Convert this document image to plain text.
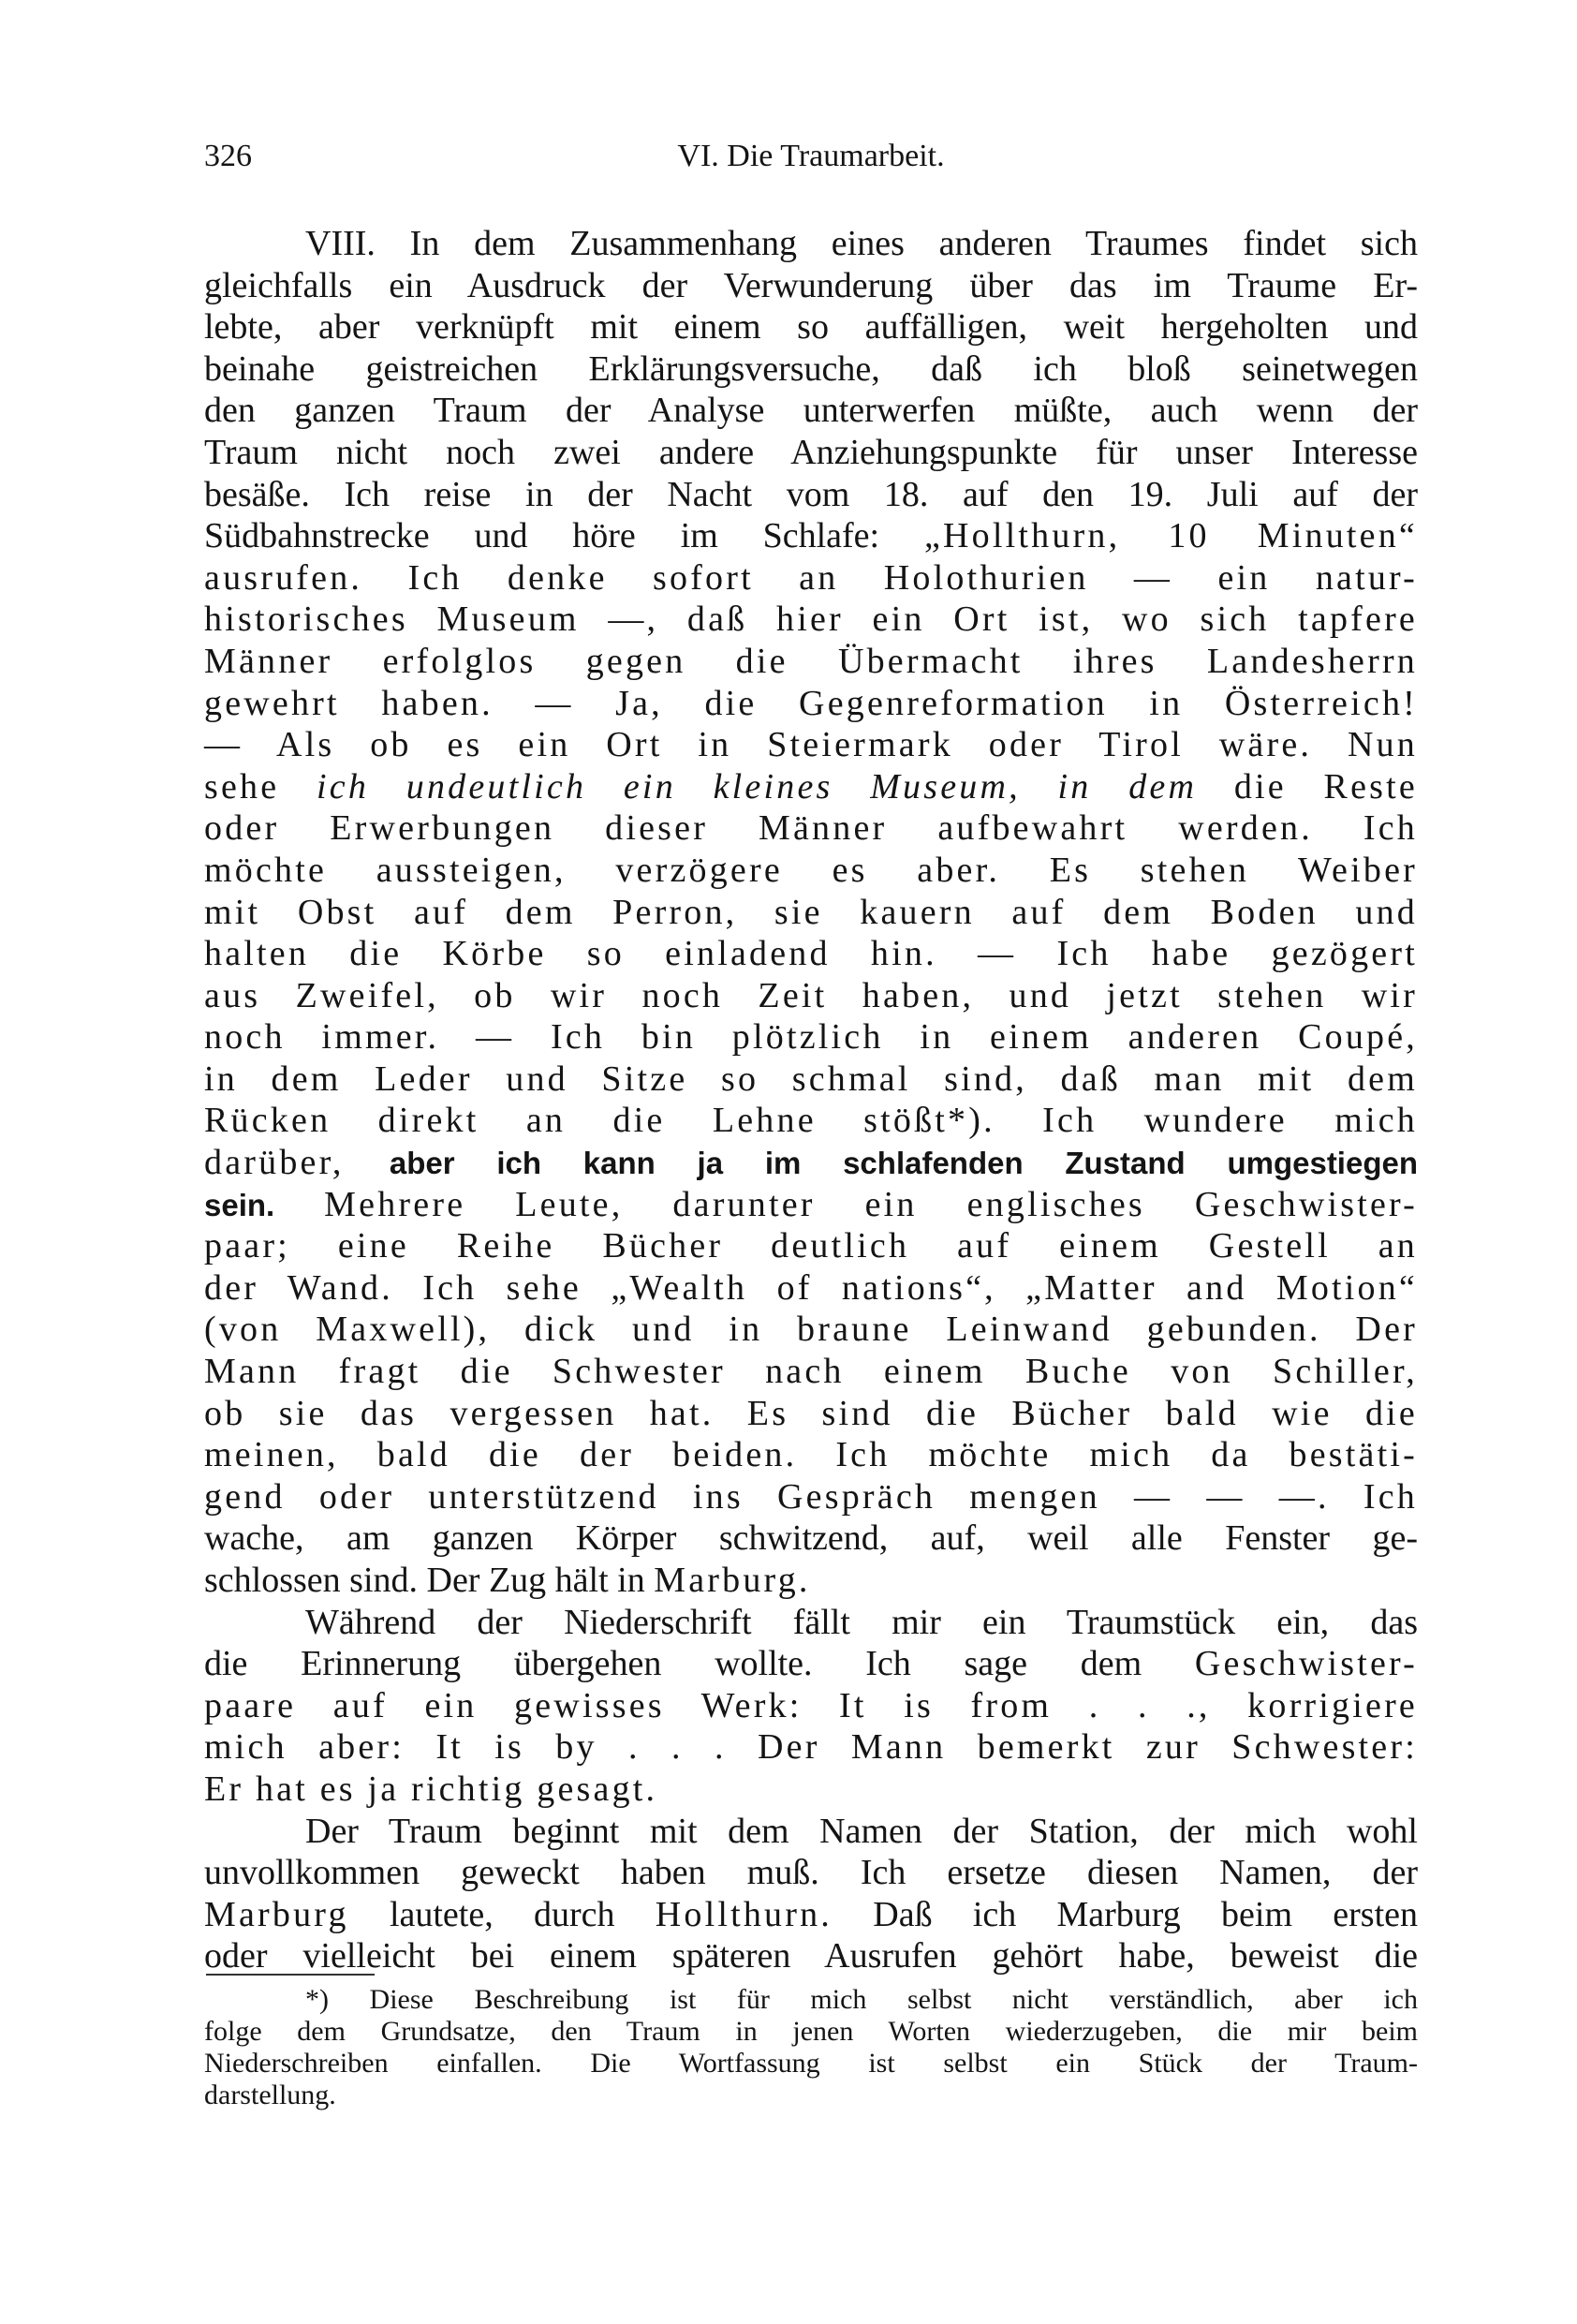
326	VI. Die Traumarbeit.
VIII. In dem Zusammenhang eines anderen Traumes findet sich
gleichfalls ein Ausdruck der Verwunderung über das im Traume Er-
lebte, aber verknüpft mit einem so auffälligen, weit hergeholten und
beinahe geistreichen Erklärungsversuche, daß ich bloß seinetwegen
den ganzen Traum der Analyse unterwerfen müßte, auch wenn der
Traum nicht noch zwei andere Anziehungspunkte für unser Interesse
besäße. Ich reise in der Nacht vom 18. auf den 19. Juli auf der
Südbahnstrecke und höre im Schlafe: „Hollthurn, 10 Minuten“
ausrufen. Ich denke sofort an Holothurien — ein natur-
historisches Museum —, daß hier ein Ort ist, wo sich tapfere
Männer erfolglos gegen die Übermacht ihres Landesherrn
gewehrt haben. — Ja, die Gegenreformation in Österreich!
— Als ob es ein Ort in Steiermark oder Tirol wäre. Nun
sehe ich undeutlich ein kleines Museum, in dem die Reste
oder Erwerbungen dieser Männer aufbewahrt werden. Ich
möchte aussteigen, verzögere es aber. Es stehen Weiber
mit Obst auf dem Perron, sie kauern auf dem Boden und
halten die Körbe so einladend hin. — Ich habe gezögert
aus Zweifel, ob wir noch Zeit haben, und jetzt stehen wir
noch immer. — Ich bin plötzlich in einem anderen Coupé,
in dem Leder und Sitze so schmal sind, daß man mit dem
Rücken direkt an die Lehne stößt*). Ich wundere mich
darüber, aber ich kann ja im schlafenden Zustand umgestiegen
sein. Mehrere Leute, darunter ein englisches Geschwister-
paar; eine Reihe Bücher deutlich auf einem Gestell an
der Wand. Ich sehe „Wealth of nations“, „Matter and Motion“
(von Maxwell), dick und in braune Leinwand gebunden. Der
Mann fragt die Schwester nach einem Buche von Schiller,
ob sie das vergessen hat. Es sind die Bücher bald wie die
meinen, bald die der beiden. Ich möchte mich da bestäti-
gend oder unterstützend ins Gespräch mengen — — —. Ich
wache, am ganzen Körper schwitzend, auf, weil alle Fenster ge-
schlossen sind. Der Zug hält in Marburg.
Während der Niederschrift fällt mir ein Traumstück ein, das
die Erinnerung übergehen wollte. Ich sage dem Geschwister-
paare auf ein gewisses Werk: It is from . . ., korrigiere
mich aber: It is by . . . Der Mann bemerkt zur Schwester:
Er hat es ja richtig gesagt.
Der Traum beginnt mit dem Namen der Station, der mich wohl
unvollkommen geweckt haben muß. Ich ersetze diesen Namen, der
Marburg lautete, durch Hollthurn. Daß ich Marburg beim ersten
oder vielleicht bei einem späteren Ausrufen gehört habe, beweist die
*) Diese Beschreibung ist für mich selbst nicht verständlich, aber ich
folge dem Grundsatze, den Traum in jenen Worten wiederzugeben, die mir beim
Niederschreiben einfallen. Die Wortfassung ist selbst ein Stück der Traum-
darstellung.
